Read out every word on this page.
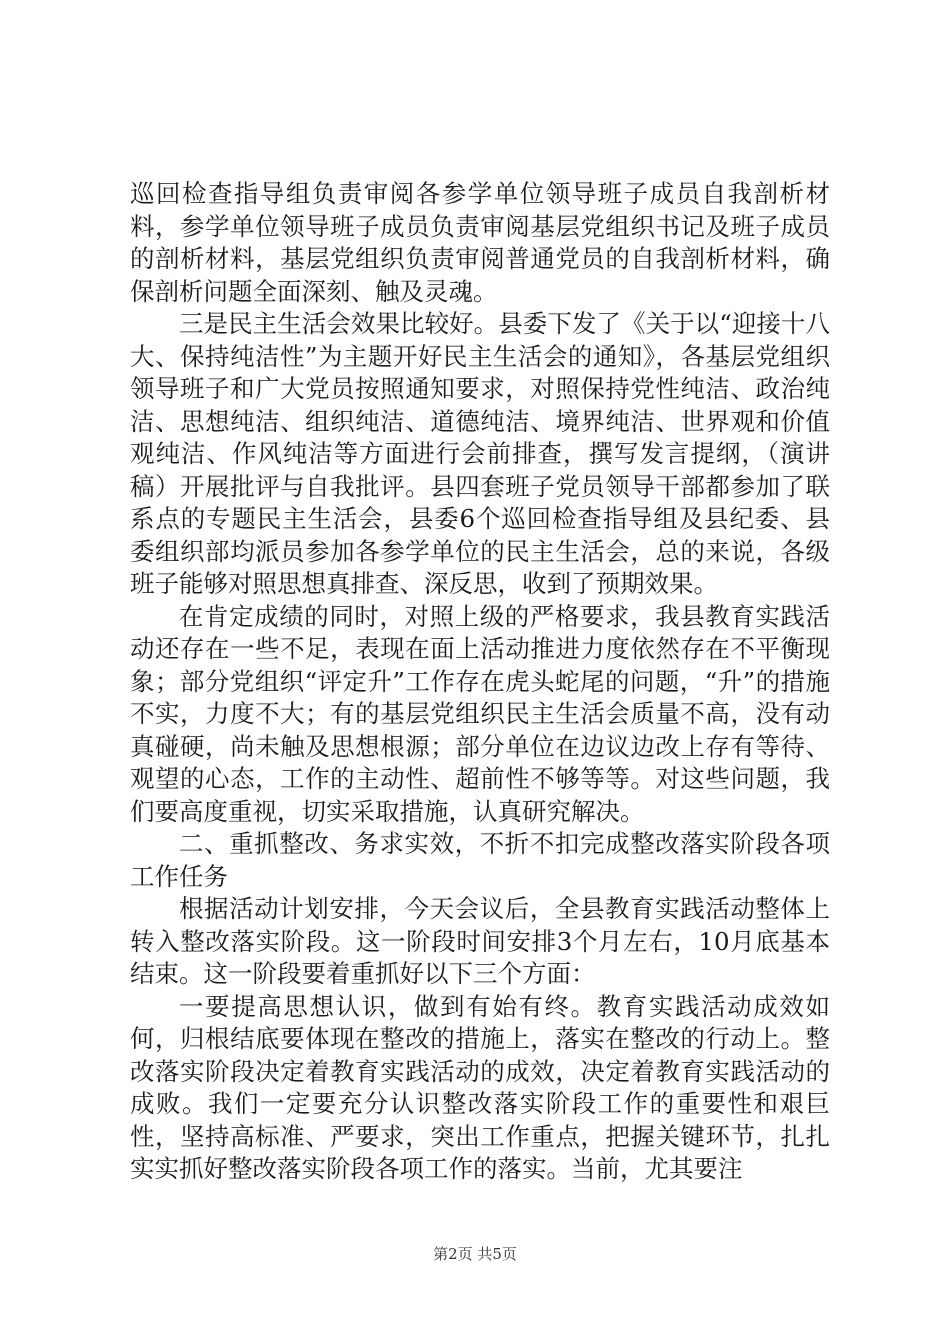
巡回检查指导组负责审阅各参学单位领导班子成员自我剖析材料，参学单位领导班子成员负责审阅基层党组织书记及班子成员的剖析材料，基层党组织负责审阅普通党员的自我剖析材料，确保剖析问题全面深刻、触及灵魂。

三是民主生活会效果比较好。县委下发了《关于以“迎接十八大、保持纯洁性”为主题开好民主生活会的通知》，各基层党组织领导班子和广大党员按照通知要求，对照保持党性纯洁、政治纯洁、思想纯洁、组织纯洁、道德纯洁、境界纯洁、世界观和价值观纯洁、作风纯洁等方面进行会前排查，撰写发言提纲，（演讲稿）开展批评与自我批评。县四套班子党员领导干部都参加了联系点的专题民主生活会，县委6个巡回检查指导组及县纪委、县委组织部均派员参加各参学单位的民主生活会，总的来说，各级班子能够对照思想真排查、深反思，收到了预期效果。

在肯定成绩的同时，对照上级的严格要求，我县教育实践活动还存在一些不足，表现在面上活动推进力度依然存在不平衡现象；部分党组织“评定升”工作存在虎头蛇尾的问题，“升”的措施不实，力度不大；有的基层党组织民主生活会质量不高，没有动真碰硬，尚未触及思想根源；部分单位在边议边改上存有等待、观望的心态，工作的主动性、超前性不够等等。对这些问题，我们要高度重视，切实采取措施，认真研究解决。

二、重抓整改、务求实效，不折不扣完成整改落实阶段各项工作任务

根据活动计划安排，今天会议后，全县教育实践活动整体上转入整改落实阶段。这一阶段时间安排3个月左右，10月底基本结束。这一阶段要着重抓好以下三个方面：

一要提高思想认识，做到有始有终。教育实践活动成效如何，归根结底要体现在整改的措施上，落实在整改的行动上。整改落实阶段决定着教育实践活动的成效，决定着教育实践活动的成败。我们一定要充分认识整改落实阶段工作的重要性和艰巨性，坚持高标准、严要求，突出工作重点，把握关键环节，扎扎实实抓好整改落实阶段各项工作的落实。当前，尤其要注

第2页 共5页
